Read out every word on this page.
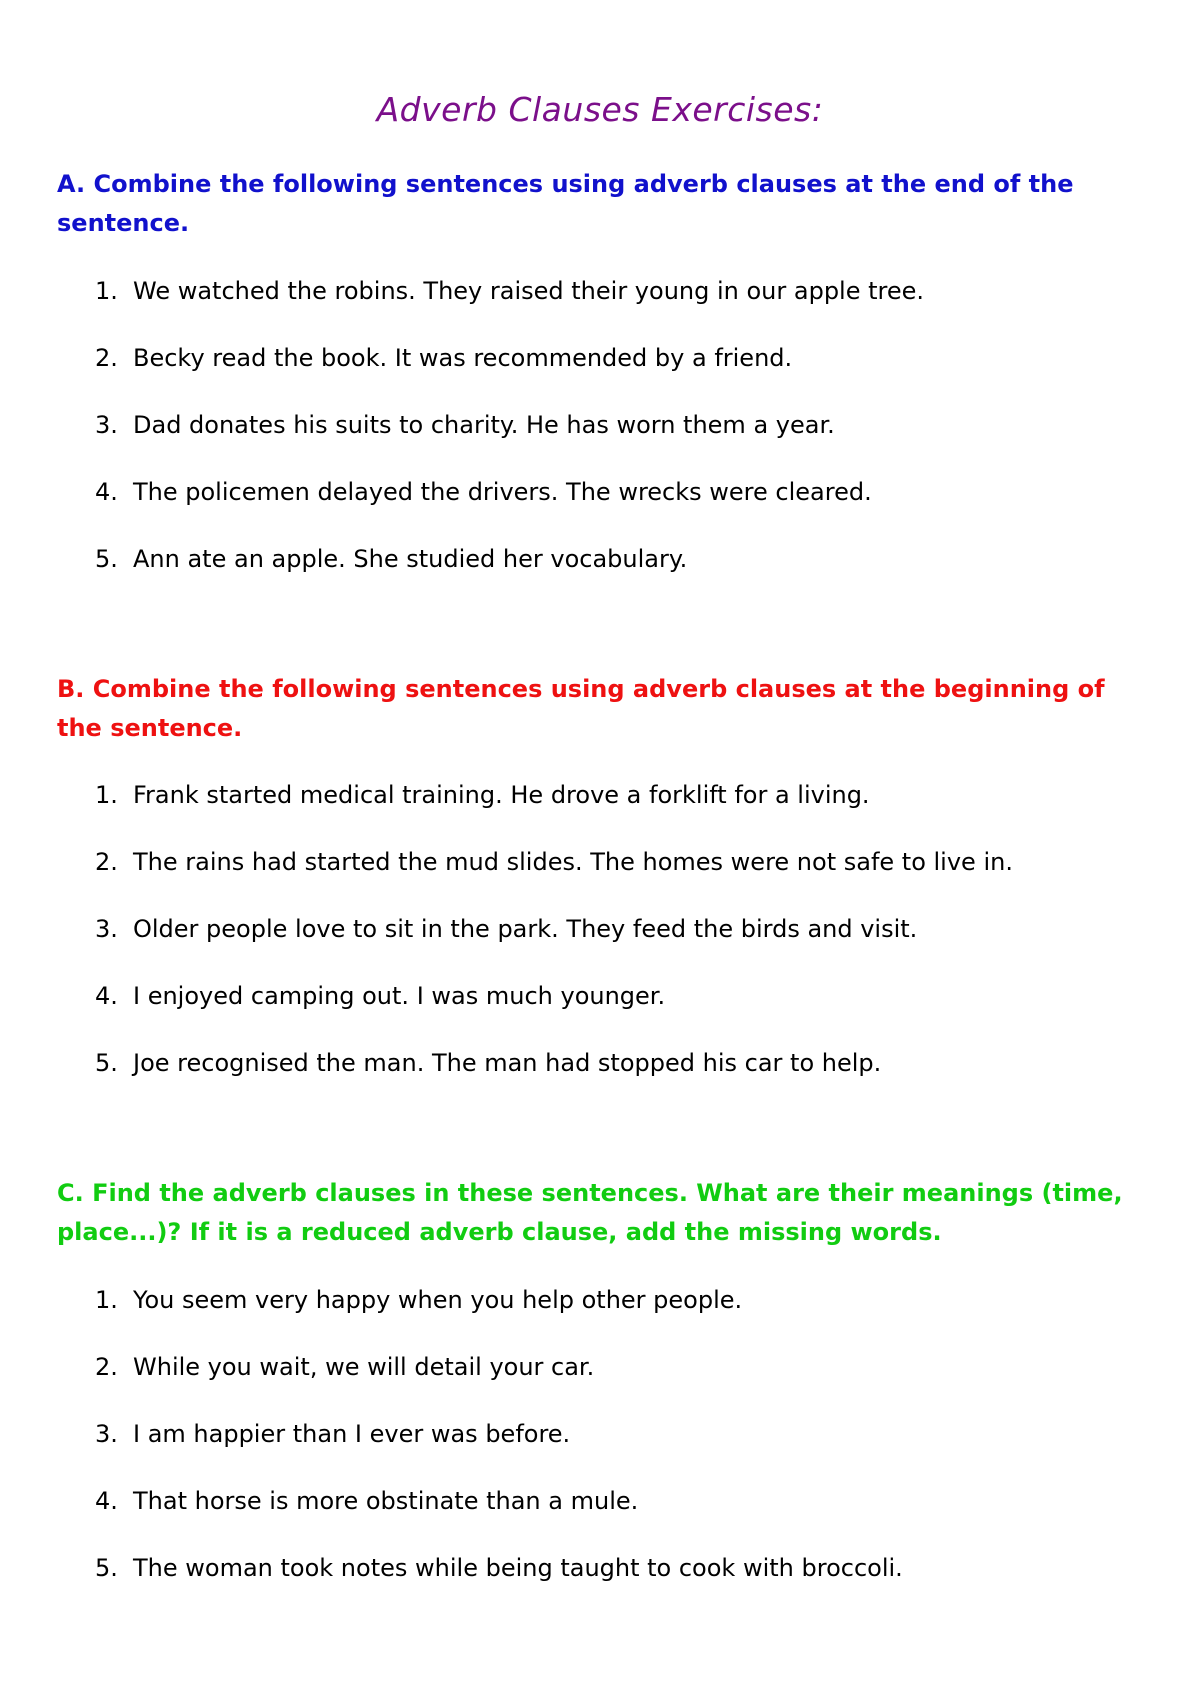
Adverb Clauses Exercises:

A. Combine the following sentences using adverb clauses at the end of the sentence.

1. We watched the robins. They raised their young in our apple tree.
2. Becky read the book. It was recommended by a friend.
3. Dad donates his suits to charity. He has worn them a year.
4. The policemen delayed the drivers. The wrecks were cleared.
5. Ann ate an apple. She studied her vocabulary.

B. Combine the following sentences using adverb clauses at the beginning of the sentence.

1. Frank started medical training. He drove a forklift for a living.
2. The rains had started the mud slides. The homes were not safe to live in.
3. Older people love to sit in the park. They feed the birds and visit.
4. I enjoyed camping out. I was much younger.
5. Joe recognised the man. The man had stopped his car to help.

C. Find the adverb clauses in these sentences. What are their meanings (time, place...)? If it is a reduced adverb clause, add the missing words.

1. You seem very happy when you help other people.
2. While you wait, we will detail your car.
3. I am happier than I ever was before.
4. That horse is more obstinate than a mule.
5. The woman took notes while being taught to cook with broccoli.
